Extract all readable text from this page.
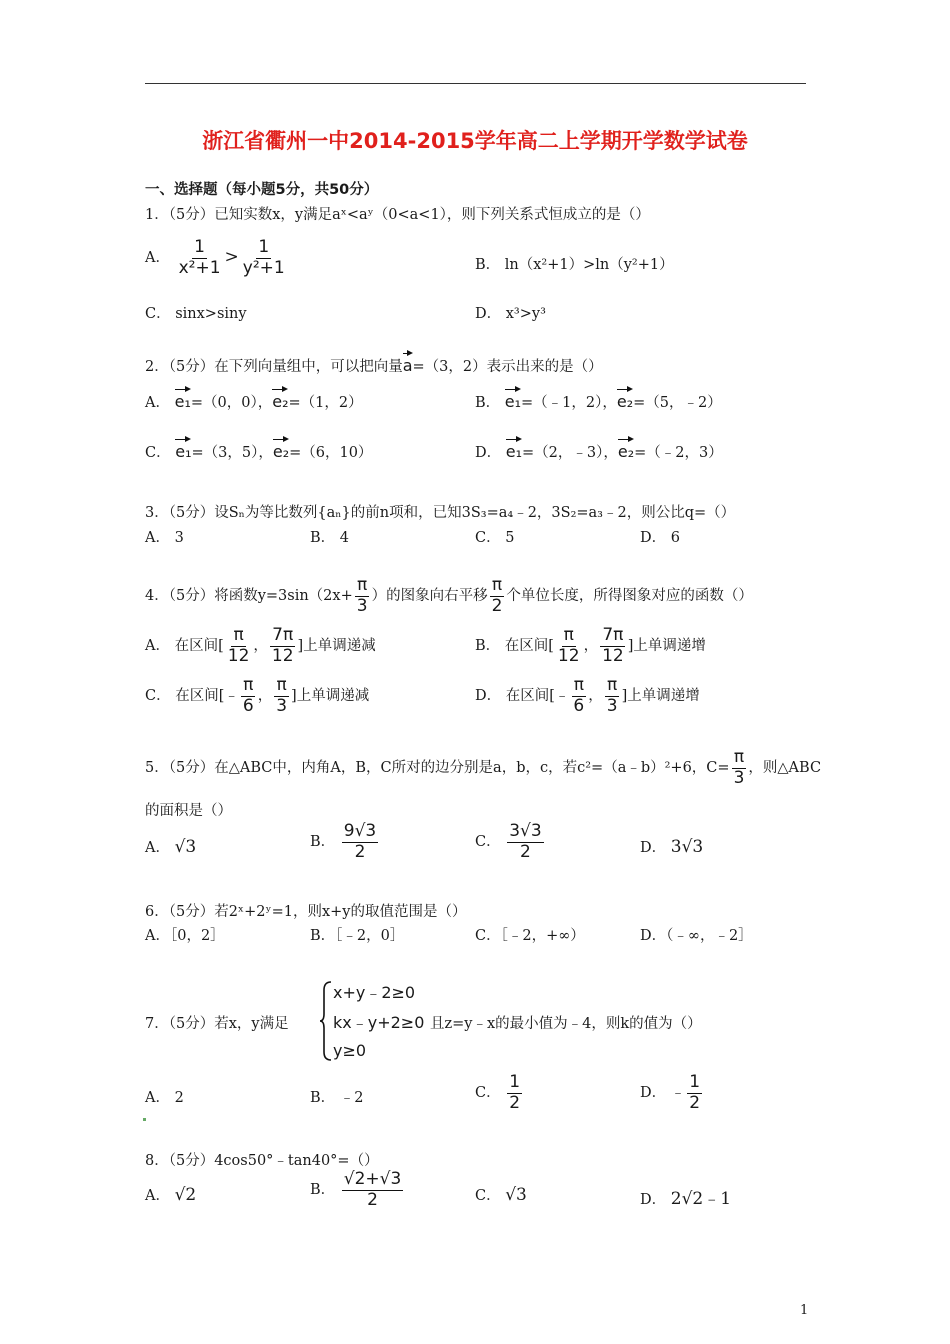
浙江省衢州一中2014-2015学年高二上学期开学数学试卷
一、选择题（每小题5分，共50分）
1．（5分）已知实数x，y满足aˣ<aʸ（0<a<1），则下列关系式恒成立的是（）
A． $\frac{1}{\text{x²+1}} > \frac{1}{\text{y²+1}}$	B． ln（x²+1）>ln（y²+1）
C． sinx>siny	D． x³>y³
2．（5分）在下列向量组中，可以把向量a=（3，2）表示出来的是（）
A． e₁=（0，0），e₂=（1，2）	B． e₁=（﹣1，2），e₂=（5，﹣2）
C． e₁=（3，5），e₂=（6，10）	D． e₁=（2，﹣3），e₂=（﹣2，3）
3．（5分）设Sₙ为等比数列{aₙ}的前n项和，已知3S₃=a₄﹣2，3S₂=a₃﹣2，则公比q=（）
A． 3	B． 4	C． 5	D． 6
4．（5分）将函数$y=3\sin(2x+ \frac{\pi}{3}$ ）的图象向右平移 $\frac{\pi}{2}$ 个单位长度，所得图象对应的函数（）
A． 在区间[ $\frac{\pi}{12}$ ， $\frac{7\pi}{12}$ ]上单调递减	B． 在区间[ $\frac{\pi}{12}$ ， $\frac{7\pi}{12}$ ]上单调递增
C． 在区间[﹣ $\frac{\pi}{6}$ ， $\frac{\pi}{3}$ ]上单调递减	D． 在区间[﹣ $\frac{\pi}{6}$ ， $\frac{\pi}{3}$ ]上单调递增
5．（5分）在△ABC中，内角A，B，C所对的边分别是a，b，c，若c²=（a﹣b）²+6，$C= \frac{\pi}{3}$ ，则△ABC
的面积是（）
A． √3	B． $\frac{9√3}{2}$	C． $\frac{3√3}{2}$	D． 3√3
6．（5分）若2ˣ+2ʸ=1，则x+y的取值范围是（）
A．［0，2］	B．［﹣2，0］	C．［﹣2，+∞）	D．（﹣∞，﹣2］
7．（5分）若x，y满足
x+y﹣2≥0
kx﹣y+2≥0
y≥0
且z=y﹣x的最小值为﹣4，则k的值为（）
A． 2	B． ﹣2	C． $\frac{1}{2}$	D． ﹣ $\frac{1}{2}$
8．（5分）4cos50°﹣tan40°=（）
A． √2	B． $\frac{√2+√3}{2}$	C． √3	D． 2√2﹣1
1
